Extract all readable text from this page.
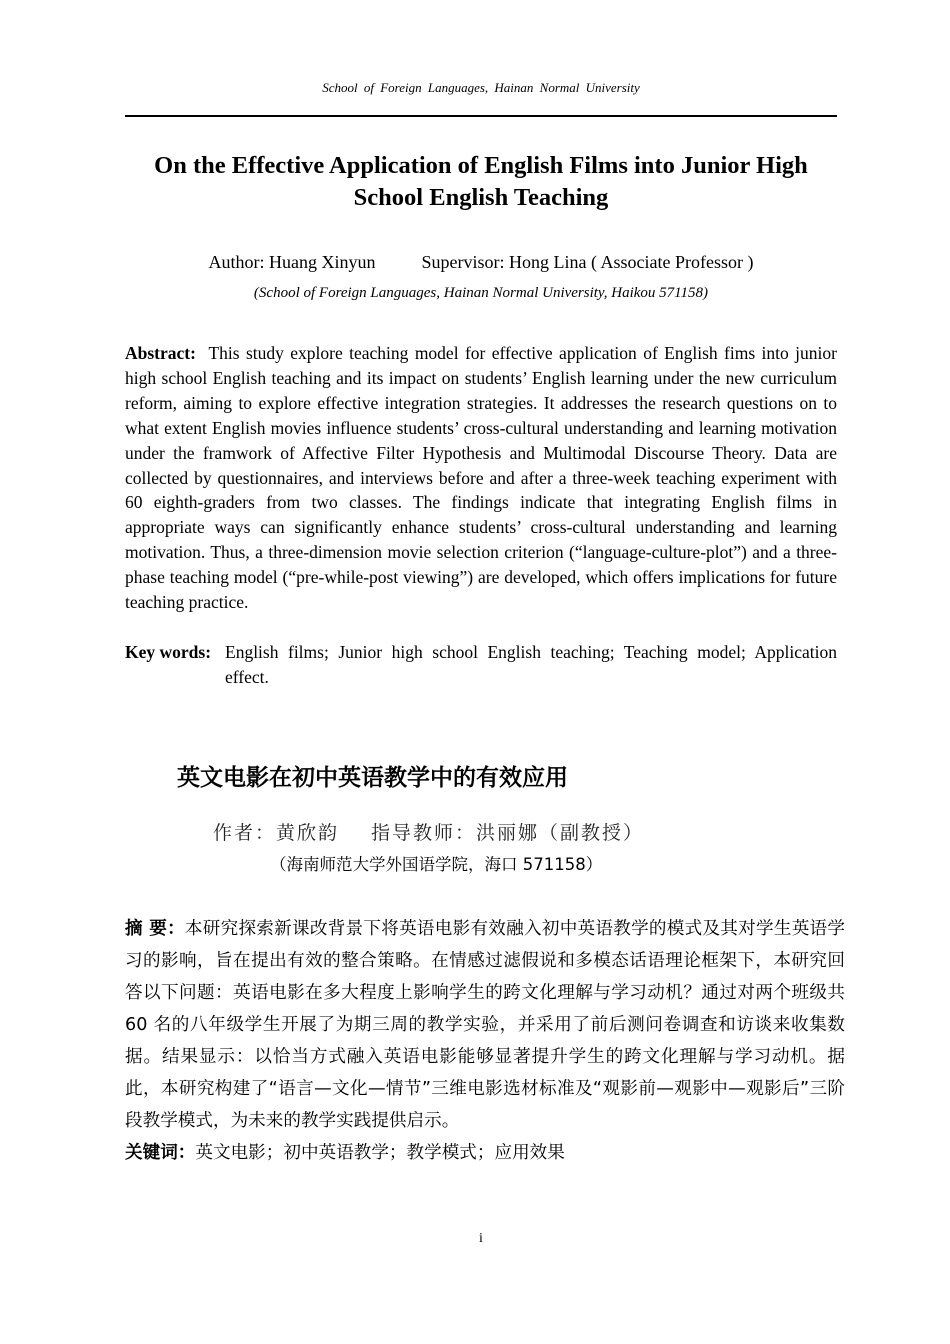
School of Foreign Languages, Hainan Normal University
On the Effective Application of English Films into Junior High School English Teaching
Author: Huang Xinyun	Supervisor: Hong Lina ( Associate Professor )
(School of Foreign Languages, Hainan Normal University, Haikou 571158)

Abstract: This study explore teaching model for effective application of English fims into junior high school English teaching and its impact on students’ English learning under the new curriculum reform, aiming to explore effective integration strategies. It addresses the research questions on to what extent English movies influence students’ cross-cultural understanding and learning motivation under the framwork of Affective Filter Hypothesis and Multimodal Discourse Theory. Data are collected by questionnaires, and interviews before and after a three-week teaching experiment with 60 eighth-graders from two classes. The findings indicate that integrating English films in appropriate ways can significantly enhance students’ cross-cultural understanding and learning motivation. Thus, a three-dimension movie selection criterion (“language-culture-plot”) and a three-phase teaching model (“pre-while-post viewing”) are developed, which offers implications for future teaching practice.

Key words: English films; Junior high school English teaching; Teaching model; Application effect.
英文电影在初中英语教学中的有效应用
作者：黄欣韵 指导教师：洪丽娜（副教授）
（海南师范大学外国语学院，海口 571158）

摘 要：本研究探索新课改背景下将英语电影有效融入初中英语教学的模式及其对学生英语学习的影响，旨在提出有效的整合策略。在情感过滤假说和多模态话语理论框架下，本研究回答以下问题：英语电影在多大程度上影响学生的跨文化理解与学习动机？通过对两个班级共 60 名的八年级学生开展了为期三周的教学实验，并采用了前后测问卷调查和访谈来收集数据。结果显示：以恰当方式融入英语电影能够显著提升学生的跨文化理解与学习动机。据此，本研究构建了“语言—文化—情节”三维电影选材标准及“观影前—观影中—观影后”三阶段教学模式，为未来的教学实践提供启示。

关键词：英文电影；初中英语教学；教学模式；应用效果
i
